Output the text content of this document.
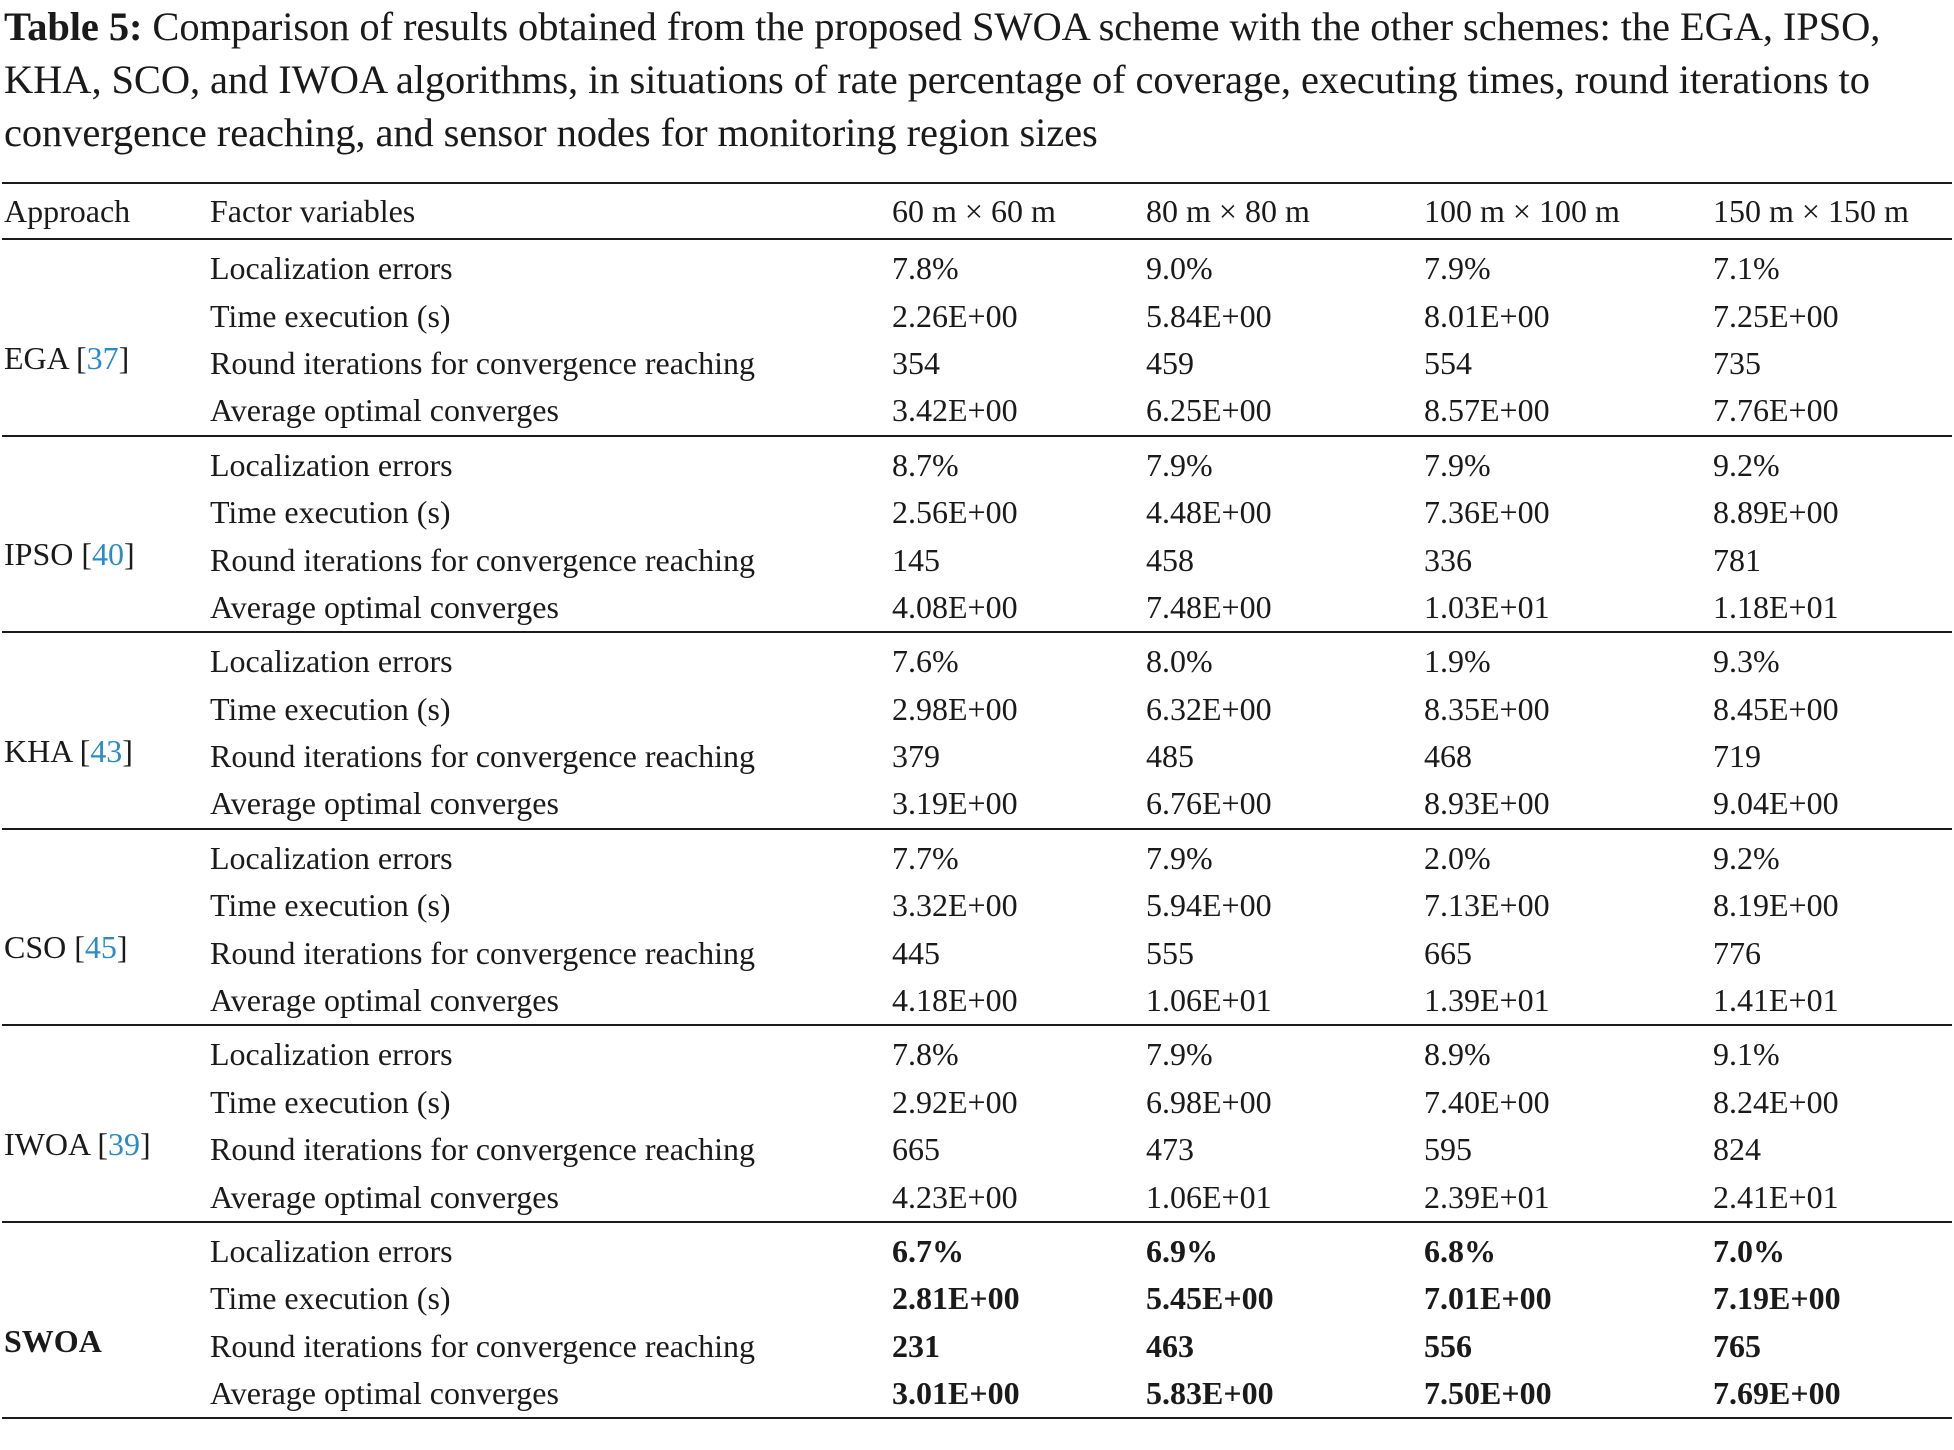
Table 5: Comparison of results obtained from the proposed SWOA scheme with the other schemes: the EGA, IPSO, KHA, SCO, and IWOA algorithms, in situations of rate percentage of coverage, executing times, round iterations to convergence reaching, and sensor nodes for monitoring region sizes

Approach	Factor variables	60 m × 60 m	80 m × 80 m	100 m × 100 m	150 m × 150 m
EGA [37]	Localization errors	7.8%	9.0%	7.9%	7.1%
	Time execution (s)	2.26E+00	5.84E+00	8.01E+00	7.25E+00
	Round iterations for convergence reaching	354	459	554	735
	Average optimal converges	3.42E+00	6.25E+00	8.57E+00	7.76E+00
IPSO [40]	Localization errors	8.7%	7.9%	7.9%	9.2%
	Time execution (s)	2.56E+00	4.48E+00	7.36E+00	8.89E+00
	Round iterations for convergence reaching	145	458	336	781
	Average optimal converges	4.08E+00	7.48E+00	1.03E+01	1.18E+01
KHA [43]	Localization errors	7.6%	8.0%	1.9%	9.3%
	Time execution (s)	2.98E+00	6.32E+00	8.35E+00	8.45E+00
	Round iterations for convergence reaching	379	485	468	719
	Average optimal converges	3.19E+00	6.76E+00	8.93E+00	9.04E+00
CSO [45]	Localization errors	7.7%	7.9%	2.0%	9.2%
	Time execution (s)	3.32E+00	5.94E+00	7.13E+00	8.19E+00
	Round iterations for convergence reaching	445	555	665	776
	Average optimal converges	4.18E+00	1.06E+01	1.39E+01	1.41E+01
IWOA [39]	Localization errors	7.8%	7.9%	8.9%	9.1%
	Time execution (s)	2.92E+00	6.98E+00	7.40E+00	8.24E+00
	Round iterations for convergence reaching	665	473	595	824
	Average optimal converges	4.23E+00	1.06E+01	2.39E+01	2.41E+01
SWOA	Localization errors	6.7%	6.9%	6.8%	7.0%
	Time execution (s)	2.81E+00	5.45E+00	7.01E+00	7.19E+00
	Round iterations for convergence reaching	231	463	556	765
	Average optimal converges	3.01E+00	5.83E+00	7.50E+00	7.69E+00
